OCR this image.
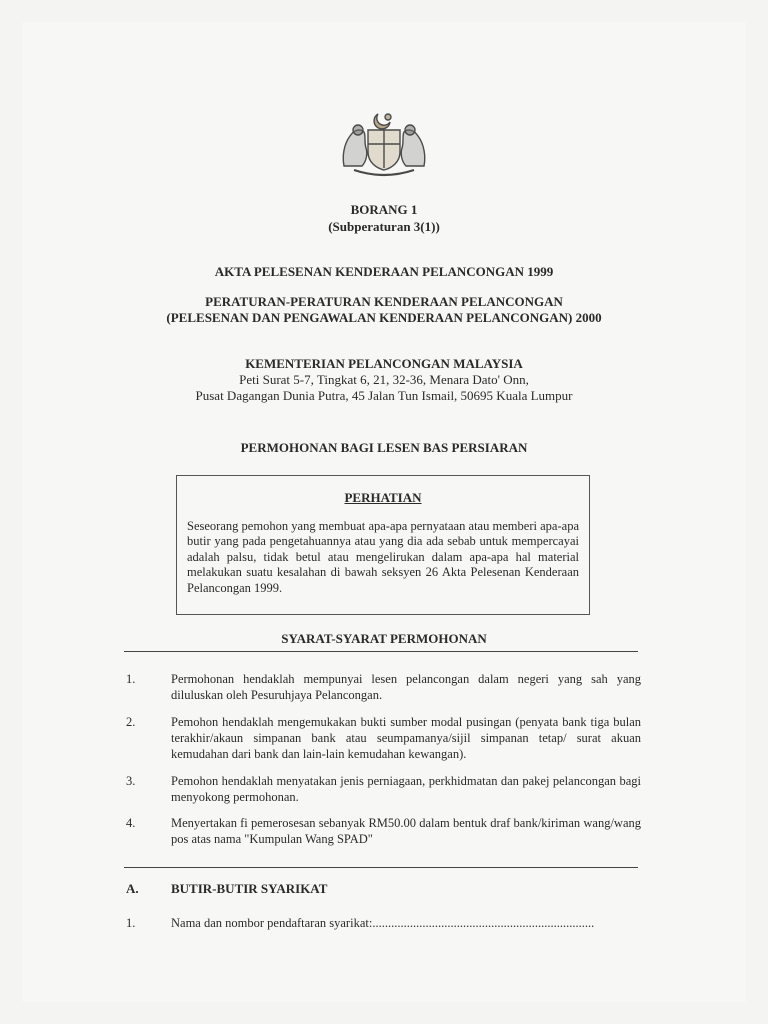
BORANG 1
(Subperaturan 3(1))
AKTA PELESENAN KENDERAAN PELANCONGAN 1999
PERATURAN-PERATURAN KENDERAAN PELANCONGAN
(PELESENAN DAN PENGAWALAN KENDERAAN PELANCONGAN) 2000
KEMENTERIAN PELANCONGAN MALAYSIA
Peti Surat 5-7, Tingkat 6, 21, 32-36, Menara Dato' Onn,
Pusat Dagangan Dunia Putra, 45 Jalan Tun Ismail, 50695 Kuala Lumpur
PERMOHONAN BAGI LESEN BAS PERSIARAN
PERHATIAN
Seseorang pemohon yang membuat apa-apa pernyataan atau memberi apa-apa butir yang pada pengetahuannya atau yang dia ada sebab untuk mempercayai adalah palsu, tidak betul atau mengelirukan dalam apa-apa hal material melakukan suatu kesalahan di bawah seksyen 26 Akta Pelesenan Kenderaan Pelancongan 1999.
SYARAT-SYARAT PERMOHONAN
1.	Permohonan hendaklah mempunyai lesen pelancongan dalam negeri yang sah yang diluluskan oleh Pesuruhjaya Pelancongan.
2.	Pemohon hendaklah mengemukakan bukti sumber modal pusingan (penyata bank tiga bulan terakhir/akaun simpanan bank atau seumpamanya/sijil simpanan tetap/ surat akuan kemudahan dari bank dan lain-lain kemudahan kewangan).
3.	Pemohon hendaklah menyatakan jenis perniagaan, perkhidmatan dan pakej pelancongan bagi menyokong permohonan.
4.	Menyertakan fi pemerosesan sebanyak RM50.00 dalam bentuk draf bank/kiriman wang/wang pos atas nama "Kumpulan Wang SPAD"
A. BUTIR-BUTIR SYARIKAT
1.	Nama dan nombor pendaftaran syarikat:.......................................................................
